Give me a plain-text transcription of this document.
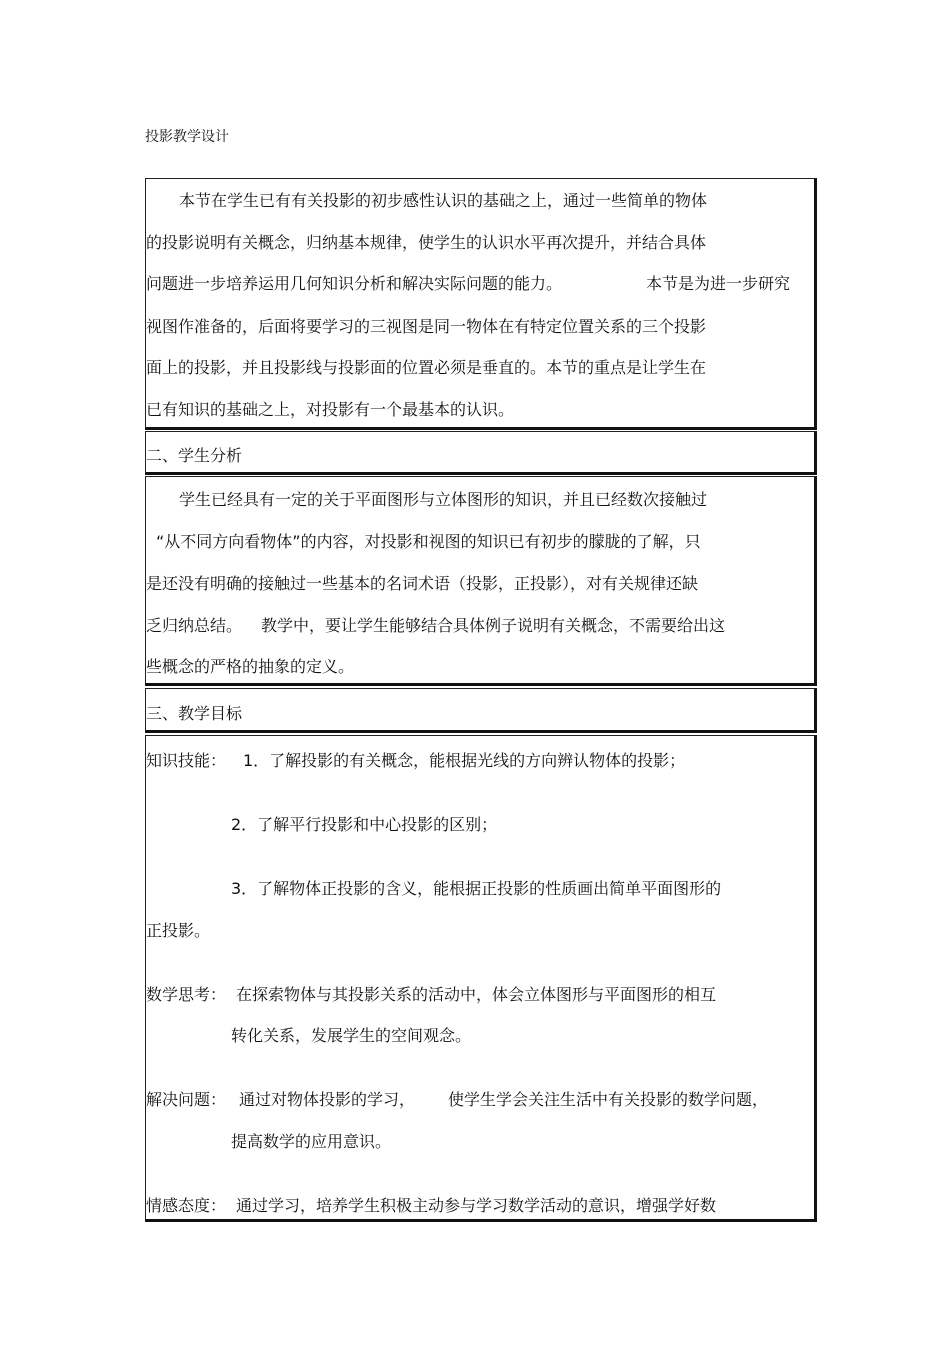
投影教学设计
本节在学生已有有关投影的初步感性认识的基础之上，通过一些简单的物体
的投影说明有关概念，归纳基本规律，使学生的认识水平再次提升，并结合具体
问题进一步培养运用几何知识分析和解决实际问题的能力。	本节是为进一步研究
视图作准备的，后面将要学习的三视图是同一物体在有特定位置关系的三个投影
面上的投影，并且投影线与投影面的位置必须是垂直的。本节的重点是让学生在
已有知识的基础之上，对投影有一个最基本的认识。
二、学生分析
学生已经具有一定的关于平面图形与立体图形的知识，并且已经数次接触过
“从不同方向看物体”的内容，对投影和视图的知识已有初步的朦胧的了解，只
是还没有明确的接触过一些基本的名词术语（投影，正投影），对有关规律还缺
乏归纳总结。 教学中，要让学生能够结合具体例子说明有关概念，不需要给出这
些概念的严格的抽象的定义。
三、教学目标
知识技能： 1．了解投影的有关概念，能根据光线的方向辨认物体的投影；
2．了解平行投影和中心投影的区别；
3．了解物体正投影的含义，能根据正投影的性质画出简单平面图形的
正投影。
数学思考： 在探索物体与其投影关系的活动中，体会立体图形与平面图形的相互
转化关系，发展学生的空间观念。
解决问题： 通过对物体投影的学习， 使学生学会关注生活中有关投影的数学问题，
提高数学的应用意识。
情感态度： 通过学习，培养学生积极主动参与学习数学活动的意识，增强学好数
